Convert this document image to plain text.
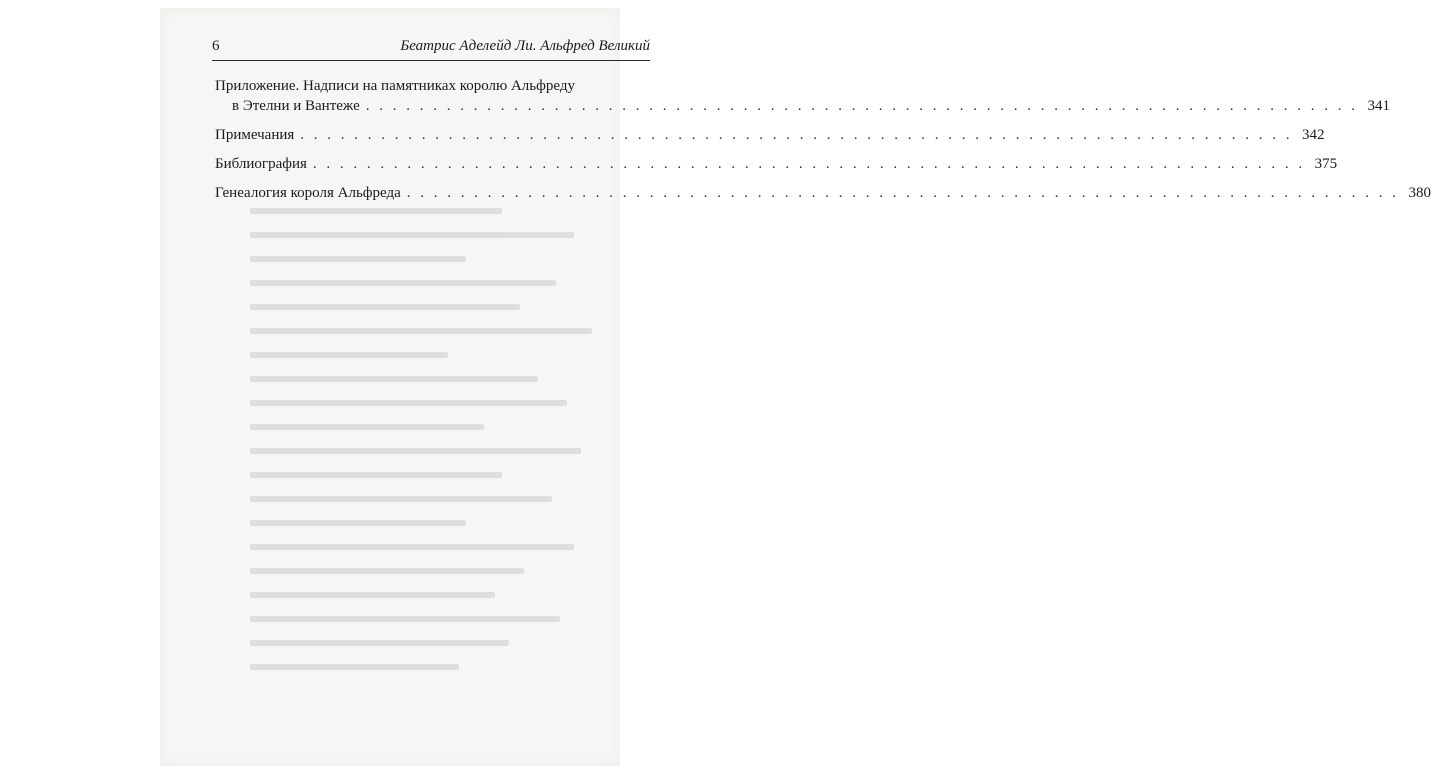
6	Беатрис Аделейд Ли. Альфред Великий
Приложение. Надписи на памятниках королю Альфреду
в Этелни и Вантеже . . .	341
Примечания . . .	342
Библиография . . .	375
Генеалогия короля Альфреда . . .	380
